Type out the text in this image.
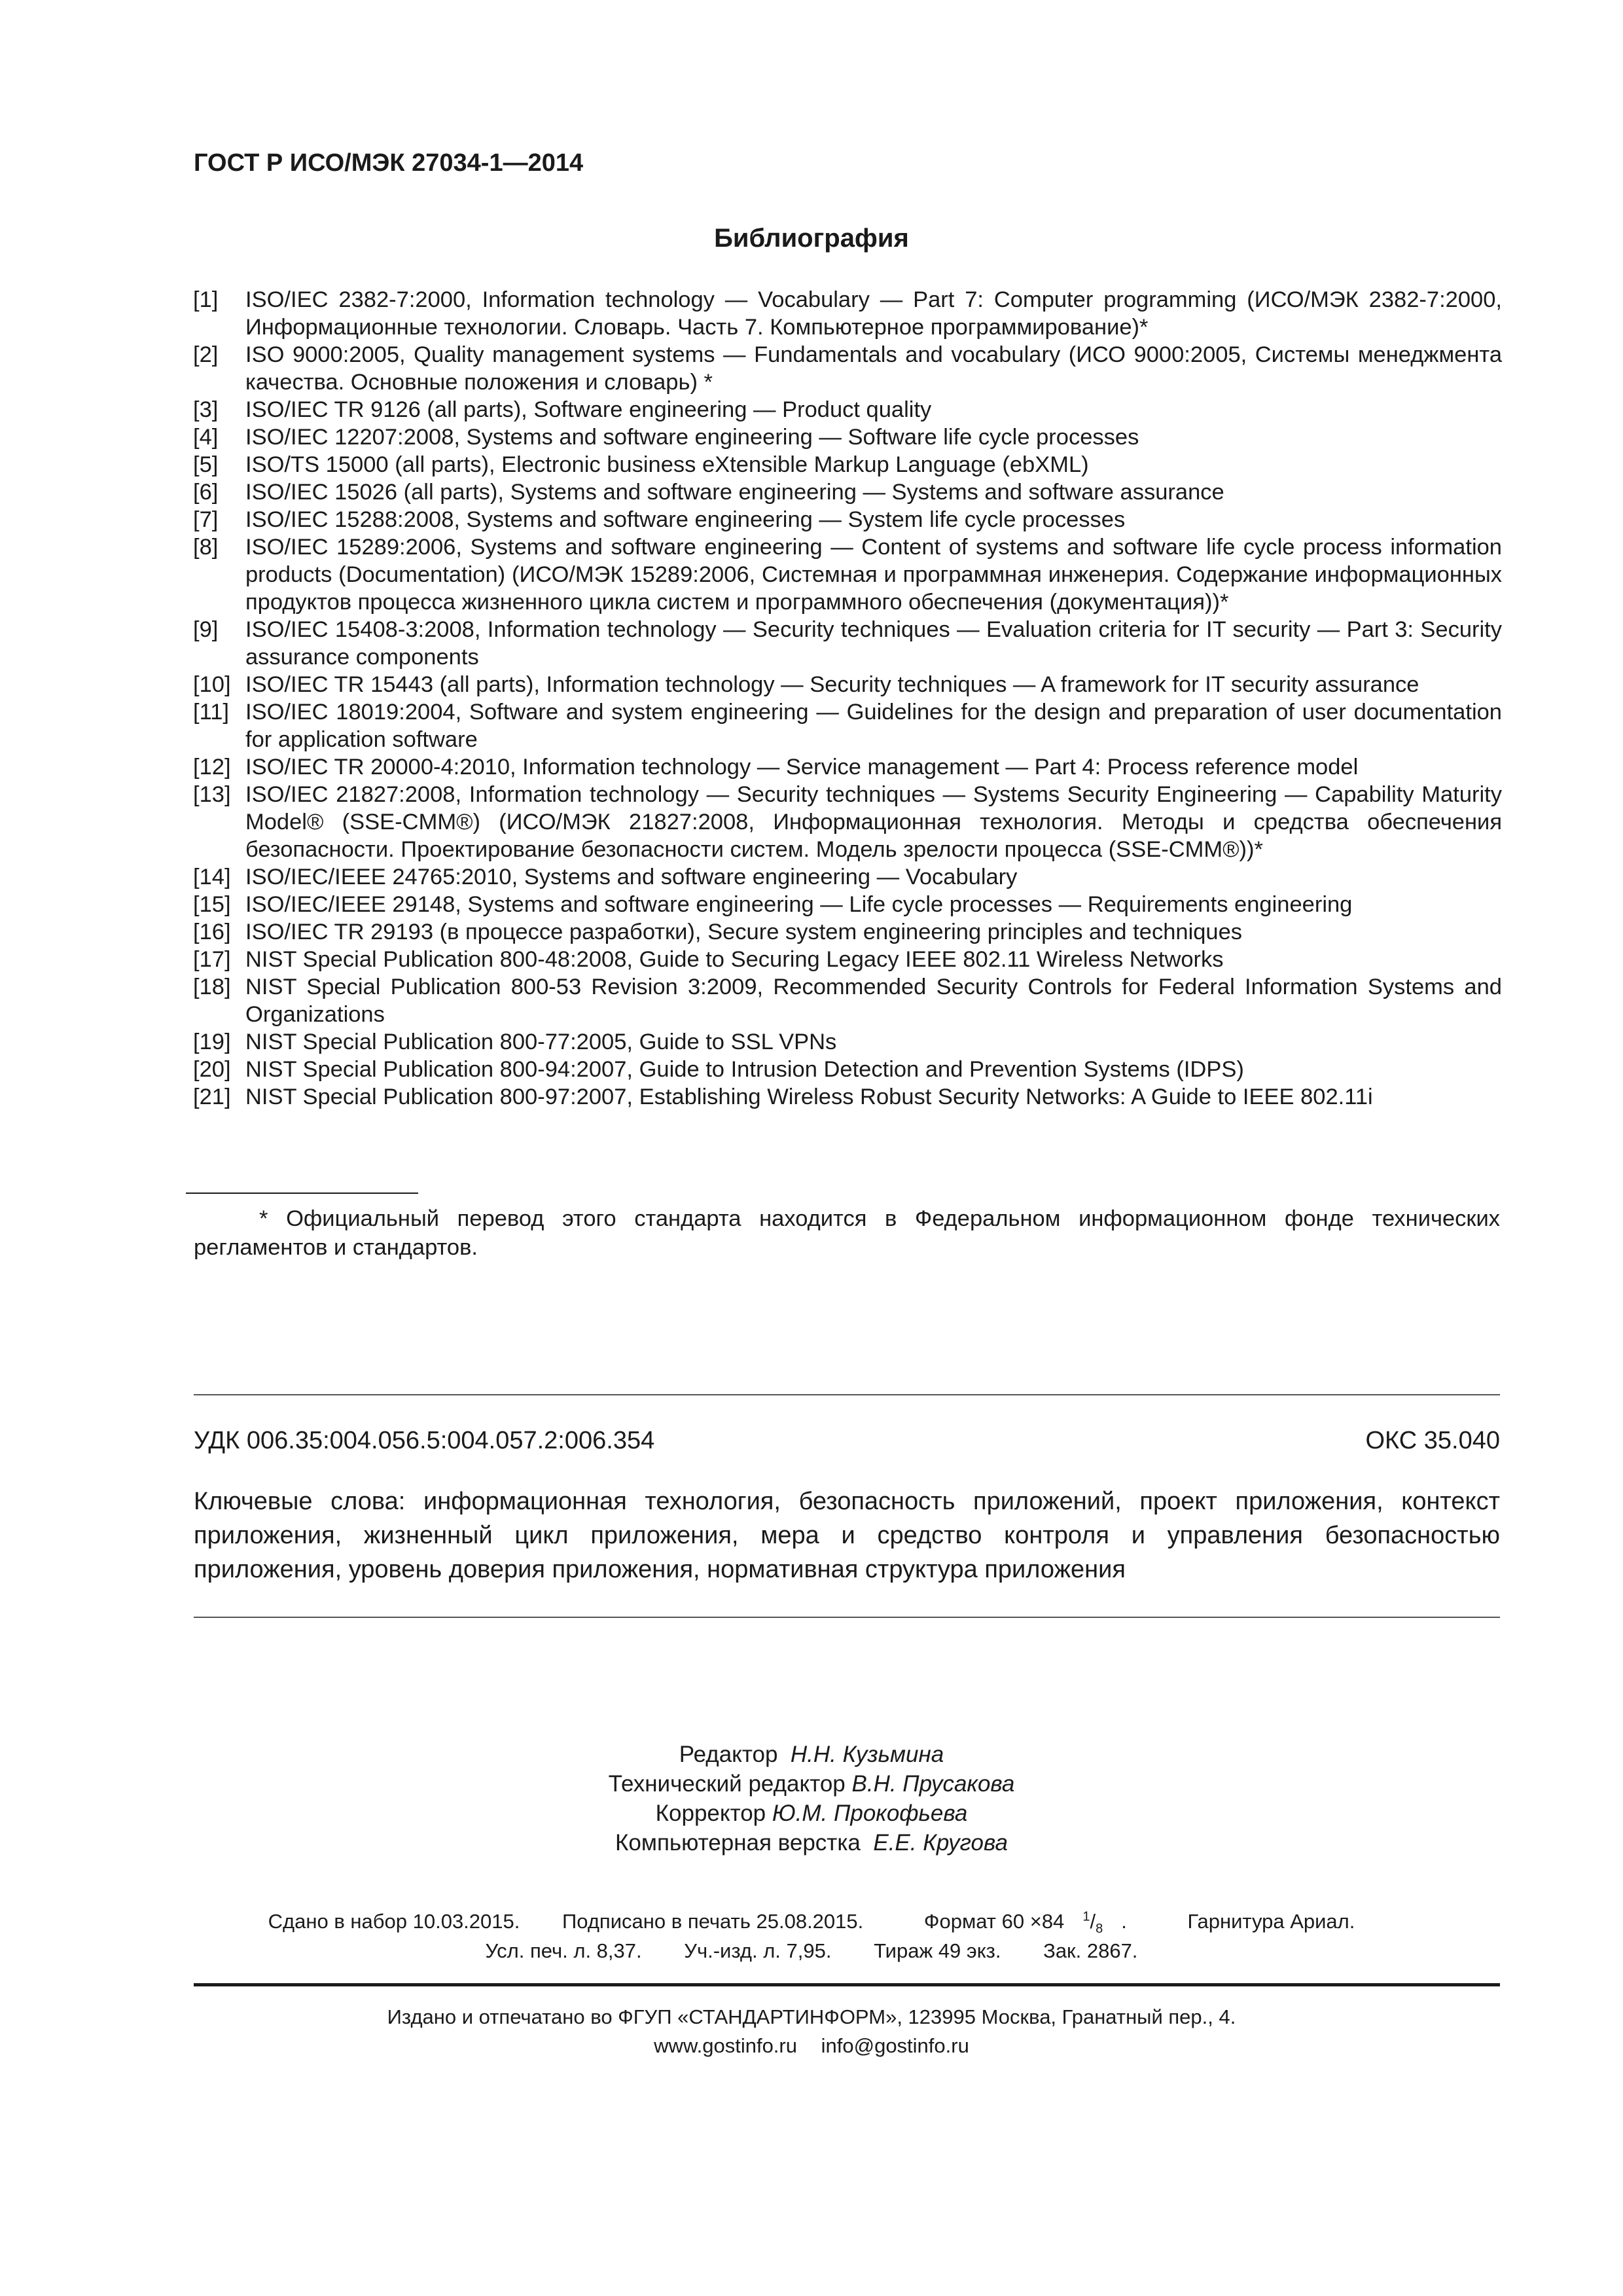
ГОСТ Р ИСО/МЭК 27034-1—2014
Библиография
[1]	ISO/IEC 2382-7:2000, Information technology — Vocabulary — Part 7: Computer programming (ИСО/МЭК 2382-7:2000, Информационные технологии. Словарь. Часть 7. Компьютерное программирование)*
[2]	ISO 9000:2005, Quality management systems — Fundamentals and vocabulary (ИСО 9000:2005, Системы менеджмента качества. Основные положения и словарь) *
[3]	ISO/IEC TR 9126 (all parts), Software engineering — Product quality
[4]	ISO/IEC 12207:2008, Systems and software engineering — Software life cycle processes
[5]	ISO/TS 15000 (all parts), Electronic business eXtensible Markup Language (ebXML)
[6]	ISO/IEC 15026 (all parts), Systems and software engineering — Systems and software assurance
[7]	ISO/IEC 15288:2008, Systems and software engineering — System life cycle processes
[8]	ISO/IEC 15289:2006, Systems and software engineering — Content of systems and software life cycle process information products (Documentation) (ИСО/МЭК 15289:2006, Системная и программная инженерия. Содержание информационных продуктов процесса жизненного цикла систем и программного обеспечения (документация))*
[9]	ISO/IEC 15408-3:2008, Information technology — Security techniques — Evaluation criteria for IT security — Part 3: Security assurance components
[10] ISO/IEC TR 15443 (all parts), Information technology — Security techniques — A framework for IT security assurance
[11] ISO/IEC 18019:2004, Software and system engineering — Guidelines for the design and preparation of user documentation for application software
[12] ISO/IEC TR 20000-4:2010, Information technology — Service management — Part 4: Process reference model
[13] ISO/IEC 21827:2008, Information technology — Security techniques — Systems Security Engineering — Capability Maturity Model® (SSE-CMM®) (ИСО/МЭК 21827:2008, Информационная технология. Методы и средства обеспечения безопасности. Проектирование безопасности систем. Модель зрелости процесса (SSE-CMM®))*
[14] ISO/IEC/IEEE 24765:2010, Systems and software engineering — Vocabulary
[15] ISO/IEC/IEEE 29148, Systems and software engineering — Life cycle processes — Requirements engineering
[16] ISO/IEC TR 29193 (в процессе разработки), Secure system engineering principles and techniques
[17] NIST Special Publication 800-48:2008, Guide to Securing Legacy IEEE 802.11 Wireless Networks
[18] NIST Special Publication 800-53 Revision 3:2009, Recommended Security Controls for Federal Information Systems and Organizations
[19] NIST Special Publication 800-77:2005, Guide to SSL VPNs
[20] NIST Special Publication 800-94:2007, Guide to Intrusion Detection and Prevention Systems (IDPS)
[21] NIST Special Publication 800-97:2007, Establishing Wireless Robust Security Networks: A Guide to IEEE 802.11i
* Официальный перевод этого стандарта находится в Федеральном информационном фонде технических регламентов и стандартов.
УДК 006.35:004.056.5:004.057.2:006.354	ОКС 35.040
Ключевые слова: информационная технология, безопасность приложений, проект приложения, контекст приложения, жизненный цикл приложения, мера и средство контроля и управления безопасностью приложения, уровень доверия приложения, нормативная структура приложения
Редактор Н.Н. Кузьмина
Технический редактор В.Н. Прусакова
Корректор Ю.М. Прокофьева
Компьютерная верстка Е.Е. Кругова
Сдано в набор 10.03.2015. Подписано в печать 25.08.2015.	Формат 60 ×84 $^1/_8$ .	Гарнитура Ариал.
Усл. печ. л. 8,37. Уч.-изд. л. 7,95. Тираж 49 экз. Зак. 2867.
Издано и отпечатано во ФГУП «СТАНДАРТИНФОРМ», 123995 Москва, Гранатный пер., 4.
www.gostinfo.ru info@gostinfo.ru
